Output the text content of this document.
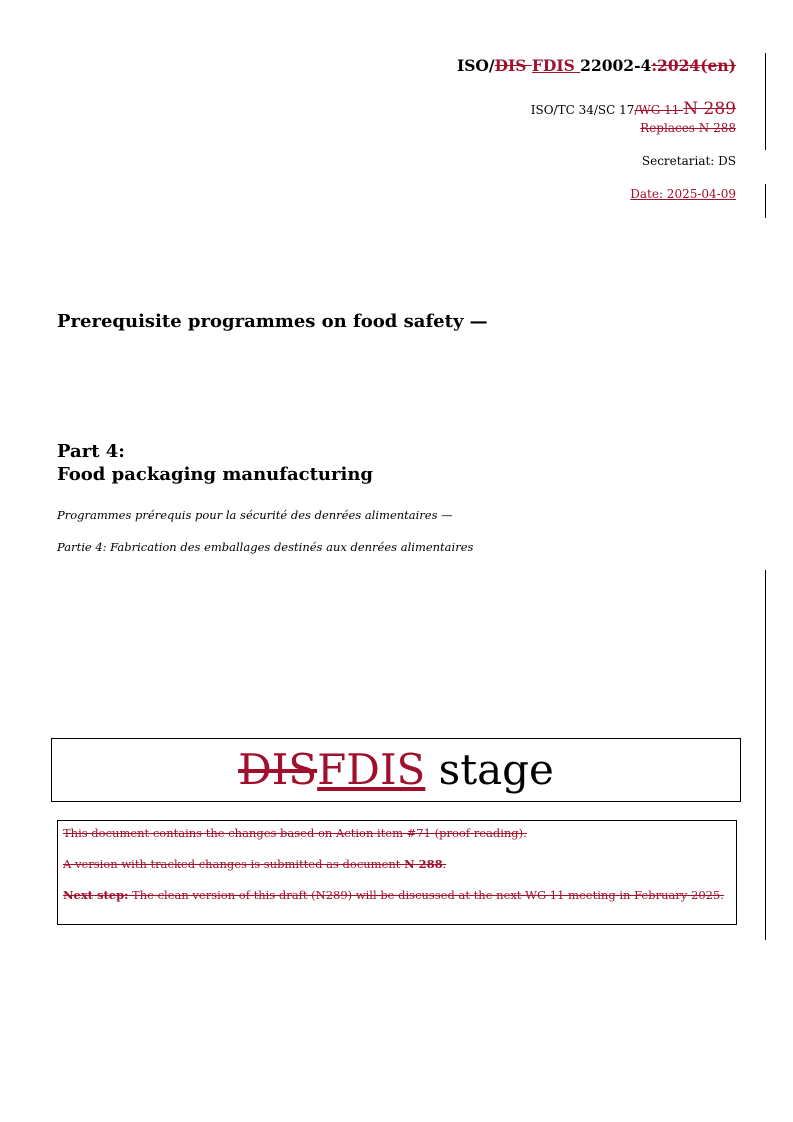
ISO/DIS FDIS 22002-4:2024(en)
ISO/TC 34/SC 17/WG 11 N 289
Replaces N 288
Secretariat: DS
Date: 2025-04-09
Prerequisite programmes on food safety —
Part 4:
Food packaging manufacturing
Programmes prérequis pour la sécurité des denrées alimentaires —
Partie 4: Fabrication des emballages destinés aux denrées alimentaires
DISFDIS stage

This document contains the changes based on Action item #71 (proof reading).

A version with tracked changes is submitted as document N 288.

Next step: The clean version of this draft (N289) will be discussed at the next WG 11 meeting in February 2025.
